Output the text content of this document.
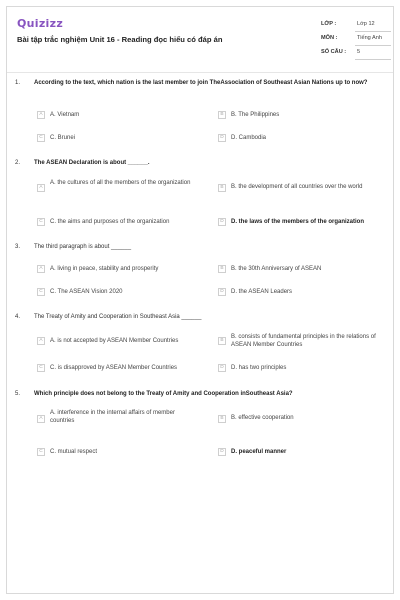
Quizizz
Bài tập trắc nghiệm Unit 16 - Reading đọc hiểu có đáp án
LỚP :	Lớp 12
MÔN :	Tiếng Anh
SỐ CÂU : 5
1. According to the text, which nation is the last member to join TheAssociation of Southeast Asian Nations up to now?
A	A. Vietnam	B	B. The Philippines
C	C. Brunei	D	D. Cambodia
2. The ASEAN Declaration is about ______.
A
A. the cultures of all the members of the organization
B	B. the development of all countries over the world
C	C. the aims and purposes of the organization	D	D. the laws of the members of the organization
3. The third paragraph is about ______
A	A. living in peace, stability and prosperity	B	B. the 30th Anniversary of ASEAN
C	C. The ASEAN Vision 2020	D	D. the ASEAN Leaders
4. The Treaty of Amity and Cooperation in Southeast Asia ______
A	A. is not accepted by ASEAN Member Countries	B
B. consists of fundamental principles in the relations of ASEAN Member Countries
C	C. is disapproved by ASEAN Member Countries	D	D. has two principles
5. Which principle does not belong to the Treaty of Amity and Cooperation inSoutheast Asia?
A
A. interference in the internal affairs of member countries	B	B. effective cooperation
C	C. mutual respect	D	D. peaceful manner
